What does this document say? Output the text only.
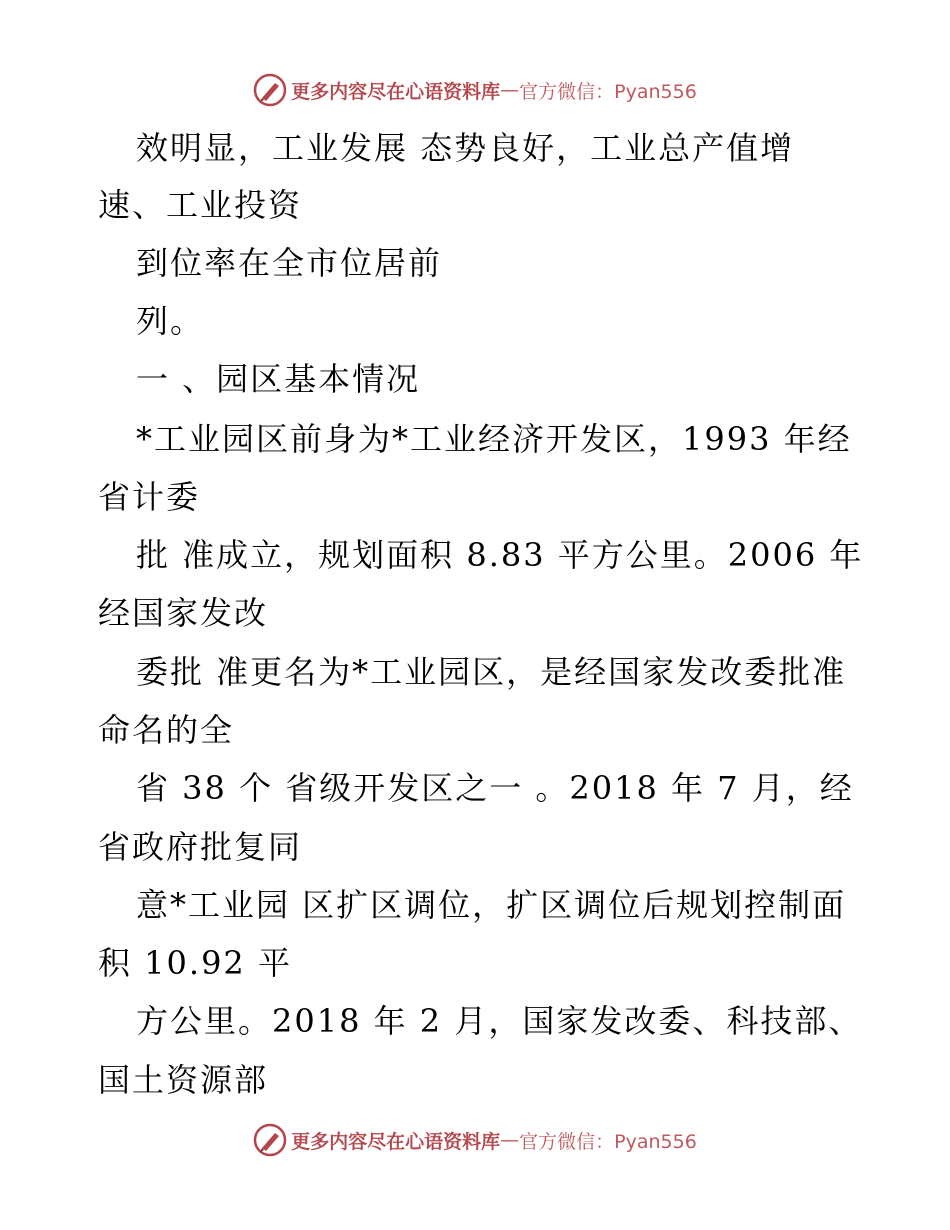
更多内容尽在心语资料库 — 官方微信：Pyan556
效明显，工业发展 态势良好，工业总产值增
速、工业投资
到位率在全市位居前
列。
一 、园区基本情况
*工业园区前身为*工业经济开发区，1993 年经
省计委
批 准成立，规划面积 8.83 平方公里。2006 年
经国家发改
委批 准更名为*工业园区，是经国家发改委批准
命名的全
省 38 个 省级开发区之一 。2018 年 7 月，经
省政府批复同
意*工业园 区扩区调位，扩区调位后规划控制面
积 10.92 平
方公里。2018 年 2 月，国家发改委、科技部、
国土资源部
更多内容尽在心语资料库 — 官方微信：Pyan556
